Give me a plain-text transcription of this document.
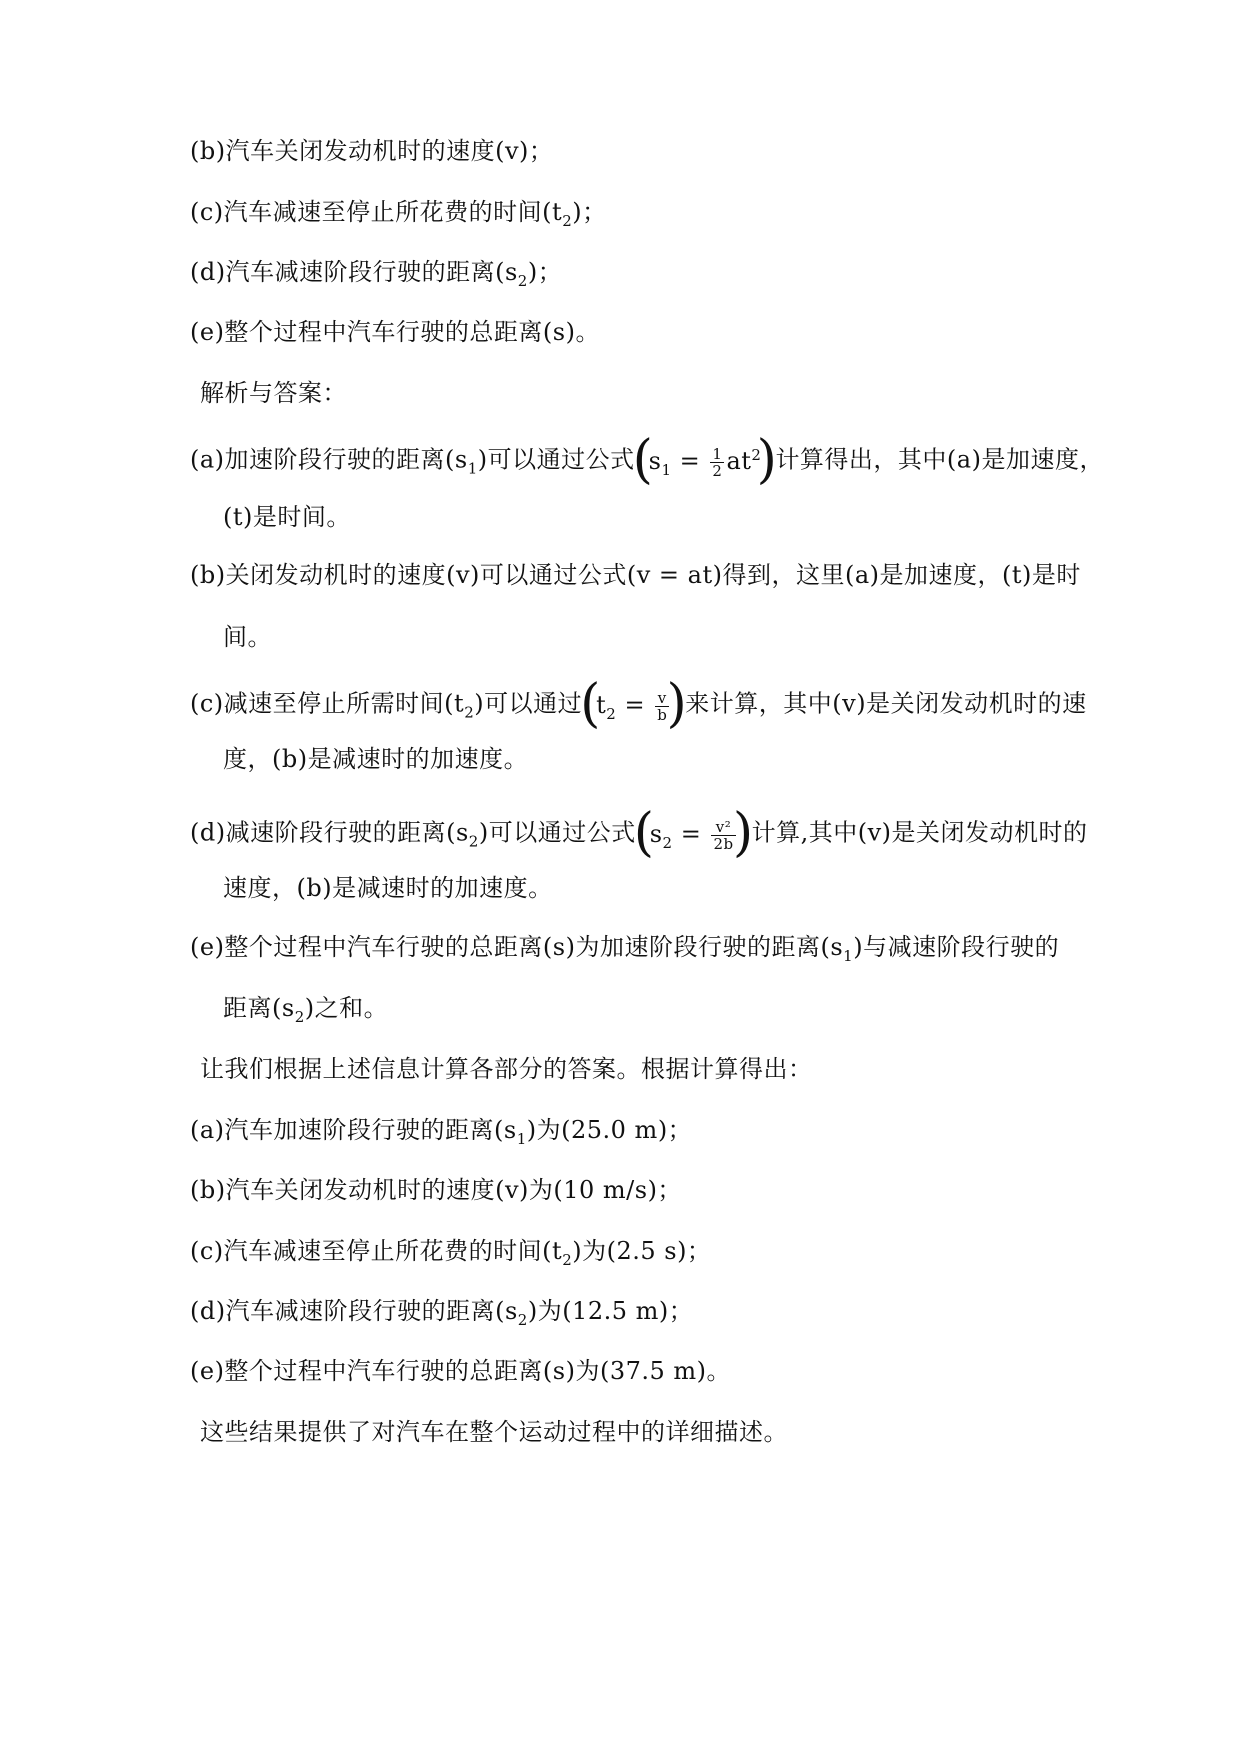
(b)汽车关闭发动机时的速度(v)；
(c)汽车减速至停止所花费的时间$(t_2)$；
(d)汽车减速阶段行驶的距离$(s_2)$；
(e)整个过程中汽车行驶的总距离(s)。
解析与答案：
(a)加速阶段行驶的距离$(s_1)$可以通过公式 ( $s_1 = \frac{1}{2} at^2$ ) 计算得出，其中(a)是加速度，
(t)是时间。
(b)关闭发动机时的速度(v)可以通过公式(v = at)得到，这里(a)是加速度，(t)是时
间。
(c)减速至停止所需时间$(t_2)$可以通过 ( $t_2 = \frac{v}{b}$
) 来计算，其中(v)是关闭发动机时的速
度，(b)是减速时的加速度。
(d)减速阶段行驶的距离$(s_2)$可以通过公式 ( $s_2 = \frac{\text{v²}}{2b}$
) 计算,其中(v)是关闭发动机时的
速度，(b)是减速时的加速度。
(e)整个过程中汽车行驶的总距离(s)为加速阶段行驶的距离$(s_1)$与减速阶段行驶的
距离$(s_2)$之和。
让我们根据上述信息计算各部分的答案。根据计算得出：
(a)汽车加速阶段行驶的距离$(s_1)$为(25.0 m)；
(b)汽车关闭发动机时的速度(v)为(10 m/s)；
(c)汽车减速至停止所花费的时间$(t_2)$为(2.5 s)；
(d)汽车减速阶段行驶的距离$(s_2)$为(12.5 m)；
(e)整个过程中汽车行驶的总距离(s)为(37.5 m)。
这些结果提供了对汽车在整个运动过程中的详细描述。
